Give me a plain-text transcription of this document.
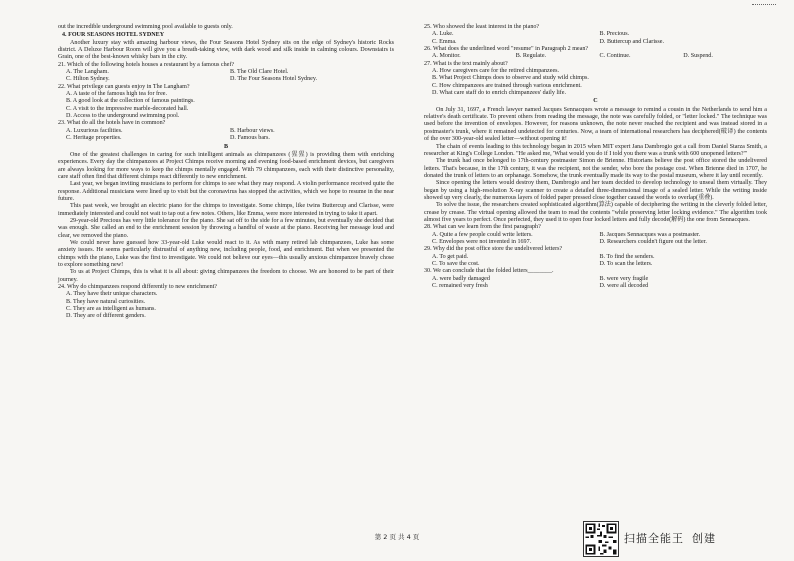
out the incredible underground swimming pool available to guests only.

4. FOUR SEASONS HOTEL SYDNEY

Another luxury stay with amazing harbour views, the Four Seasons Hotel Sydney sits on the edge of Sydney's historic Rocks district. A Deluxe Harbour Room will give you a breath-taking view, with dark wood and silk inside in calming colours. Downstairs is Grain, one of the best-known whisky bars in the city.

21. Which of the following hotels houses a restaurant by a famous chef?
A. The Langham.	B. The Old Clare Hotel.
C. Hilton Sydney.	D. The Four Seasons Hotel Sydney.
22. What privilege can guests enjoy in The Langham?
A. A taste of the famous high tea for free.
B. A good look at the collection of famous paintings.
C. A visit to the impressive marble-decorated hall.
D. Access to the underground swimming pool.
23. What do all the hotels have in common?
A. Luxurious facilities.	B. Harbour views.
C. Heritage properties.	D. Famous bars.
B

One of the greatest challenges in caring for such intelligent animals as chimpanzees (猩猩) is providing them with enriching experiences. Every day the chimpanzees at Project Chimps receive morning and evening food-based enrichment devices, but caregivers are always looking for more ways to keep the chimps mentally engaged. With 79 chimpanzees, each with their distinctive personality, care staff often find that different chimps react differently to new enrichment.

Last year, we began inviting musicians to perform for chimps to see what they may respond. A violin performance received quite the response. Additional musicians were lined up to visit but the coronavirus has stopped the activities, which we hope to resume in the near future.

This past week, we brought an electric piano for the chimps to investigate. Some chimps, like twins Buttercup and Clarisse, were immediately interested and could not wait to tap out a few notes. Others, like Emma, were more interested in trying to take it apart.

29-year-old Precious has very little tolerance for the piano. She sat off to the side for a few minutes, but eventually she decided that was enough. She called an end to the enrichment session by throwing a handful of waste at the piano. Receiving her message loud and clear, we removed the piano.

We could never have guessed how 33-year-old Luke would react to it. As with many retired lab chimpanzees, Luke has some anxiety issues. He seems particularly distrustful of anything new, including people, food, and enrichment. But when we presented the chimps with the piano, Luke was the first to investigate. We could not believe our eyes—this usually anxious chimpanzee bravely chose to explore something new!

To us at Project Chimps, this is what it is all about: giving chimpanzees the freedom to choose. We are honored to be part of their journey.

24. Why do chimpanzees respond differently to new enrichment?
A. They have their unique characters.
B. They have natural curiosities.
C. They are as intelligent as humans.
D. They are of different genders.
25. Who showed the least interest in the piano?
A. Luke.	B. Precious.
C. Emma.	D. Buttercup and Clarisse.
26. What does the underlined word "resume" in Paragraph 2 mean?
A. Monitor.	B. Regulate.	C. Continue.	D. Suspend.
27. What is the text mainly about?
A. How caregivers care for the retired chimpanzees.
B. What Project Chimps does to observe and study wild chimps.
C. How chimpanzees are trained through various enrichment.
D. What care staff do to enrich chimpanzees' daily life.
C

On July 31, 1697, a French lawyer named Jacques Sennacques wrote a message to remind a cousin in the Netherlands to send him a relative's death certificate. To prevent others from reading the message, the note was carefully folded, or "letter locked." The technique was used before the invention of envelopes. However, for reasons unknown, the note never reached the recipient and was instead stored in a postmaster's trunk, where it remained undetected for centuries. Now, a team of international researchers has deciphered(破译) the contents of the over 300-year-old sealed letter—without opening it!

The chain of events leading to this technology began in 2015 when MIT expert Jana Dambrogio got a call from Daniel Starza Smith, a researcher at King's College London. "He asked me, 'What would you do if I told you there was a trunk with 600 unopened letters?'"

The trunk had once belonged to 17th-century postmaster Simon de Brienne. Historians believe the post office stored the undelivered letters. That's because, in the 17th century, it was the recipient, not the sender, who bore the postage cost. When Brienne died in 1707, he donated the trunk of letters to an orphanage. Somehow, the trunk eventually made its way to the postal museum, where it lay until recently.

Since opening the letters would destroy them, Dambrogio and her team decided to develop technology to unseal them virtually. They began by using a high-resolution X-ray scanner to create a detailed three-dimensional image of a sealed letter. While the writing inside showed up very clearly, the numerous layers of folded paper pressed close together caused the words to overlap(重叠).

To solve the issue, the researchers created sophisticated algorithm(算法) capable of deciphering the writing in the cleverly folded letter, crease by crease. The virtual opening allowed the team to read the contents "while preserving letter locking evidence." The algorithm took almost five years to perfect. Once perfected, they used it to open four locked letters and fully decode(解码) the one from Sennacques.

28. What can we learn from the first paragraph?
A. Quite a few people could write letters.	B. Jacques Sennacques was a postmaster.
C. Envelopes were not invented in 1697.	D. Researchers couldn't figure out the letter.
29. Why did the post office store the undelivered letters?
A. To get paid.	B. To find the senders.
C. To save the cost.	D. To scan the letters.
30. We can conclude that the folded letters________.
A. were badly damaged	B. were very fragile
C. remained very fresh	D. were all decoded
第 2 页 共 4 页	扫描全能王 创建
